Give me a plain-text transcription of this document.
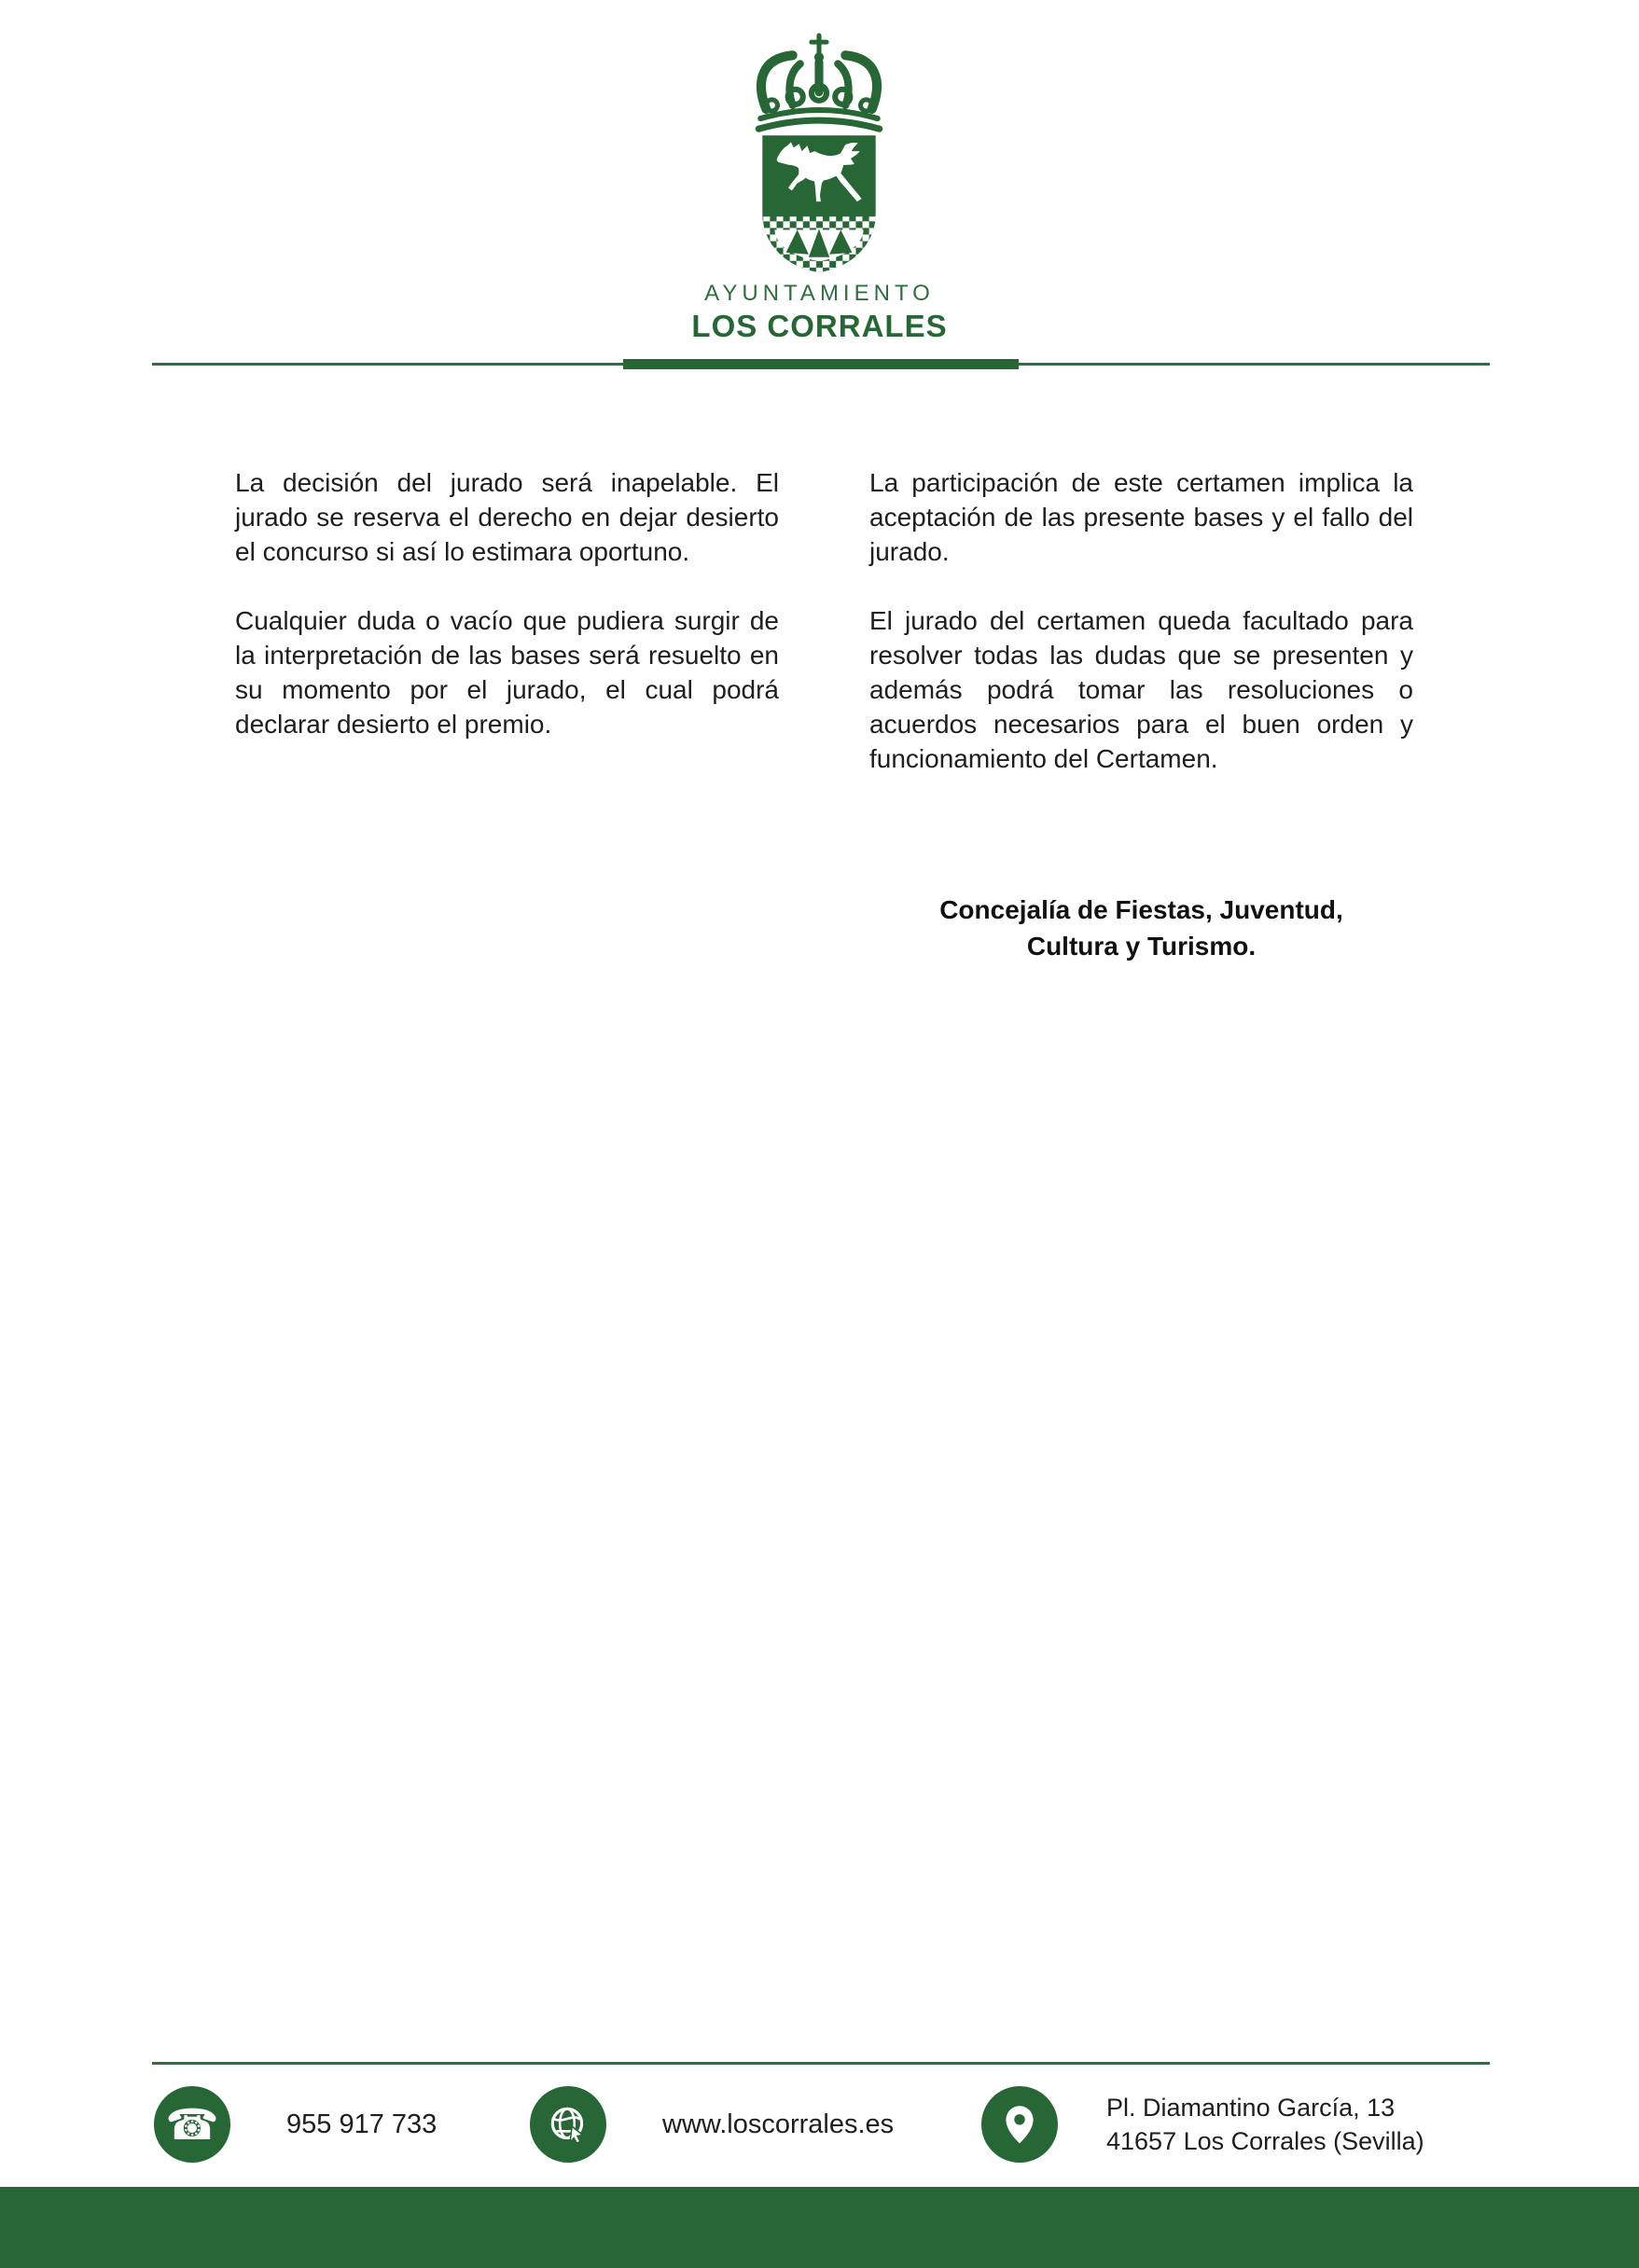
AYUNTAMIENTO
LOS CORRALES

La decisión del jurado será inapelable. El jurado se reserva el derecho en dejar desierto el concurso si así lo estimara oportuno.

Cualquier duda o vacío que pudiera surgir de la interpretación de las bases será resuelto en su momento por el jurado, el cual podrá declarar desierto el premio.

La participación de este certamen implica la aceptación de las presente bases y el fallo del jurado.

El jurado del certamen queda facultado para resolver todas las dudas que se presenten y además podrá tomar las resoluciones o acuerdos necesarios para el buen orden y funcionamiento del Certamen.

Concejalía de Fiestas, Juventud,
Cultura y Turismo.
☎ 955 917 733	www.loscorrales.es
Pl. Diamantino García, 13
41657 Los Corrales (Sevilla)
